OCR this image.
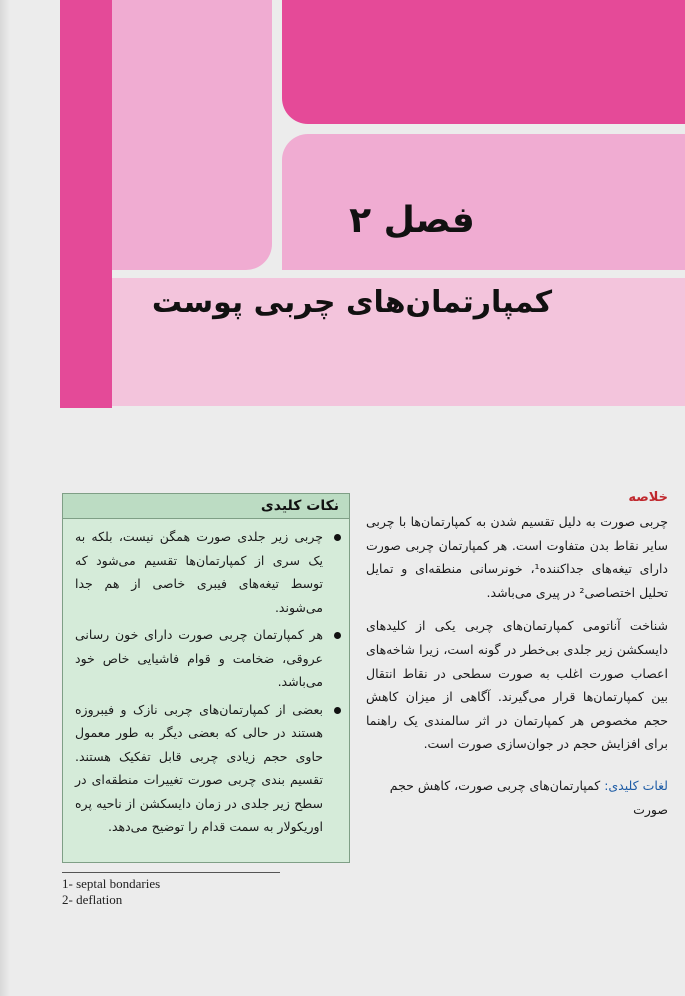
فصل ۲
کمپارتمان‌های چربی پوست
نکات کلیدی
چربی زیر جلدی صورت همگن نیست، بلکه به یک سری از کمپارتمان‌ها تقسیم می‌شود که توسط تیغه‌های فیبری خاصی از هم جدا می‌شوند.
هر کمپارتمان چربی صورت دارای خون رسانی عروقی، ضخامت و قوام فاشیایی خاص خود می‌باشد.
بعضی از کمپارتمان‌های چربی نازک و فیبروزه هستند در حالی که بعضی دیگر به طور معمول حاوی حجم زیادی چربی قابل تفکیک هستند. تقسیم بندی چربی صورت تغییرات منطقه‌ای در سطح زیر جلدی در زمان دایسکشن از ناحیه پره اوریکولار به سمت قدام را توضیح می‌دهد.
1- septal bondaries
2- deflation
خلاصه

چربی صورت به دلیل تقسیم شدن به کمپارتمان‌ها با چربی سایر نقاط بدن متفاوت است. هر کمپارتمان چربی صورت دارای تیغه‌های جداکننده¹، خونرسانی منطقه‌ای و تمایل تحلیل اختصاصی² در پیری می‌باشد.

شناخت آناتومی کمپارتمان‌های چربی یکی از کلیدهای دایسکشن زیر جلدی بی‌خطر در گونه است، زیرا شاخه‌های اعصاب صورت اغلب به صورت سطحی در نقاط انتقال بین کمپارتمان‌ها قرار می‌گیرند. آگاهی از میزان کاهش حجم مخصوص هر کمپارتمان در اثر سالمندی یک راهنما برای افزایش حجم در جوان‌سازی صورت است.

لغات کلیدی: کمپارتمان‌های چربی صورت، کاهش حجم صورت
